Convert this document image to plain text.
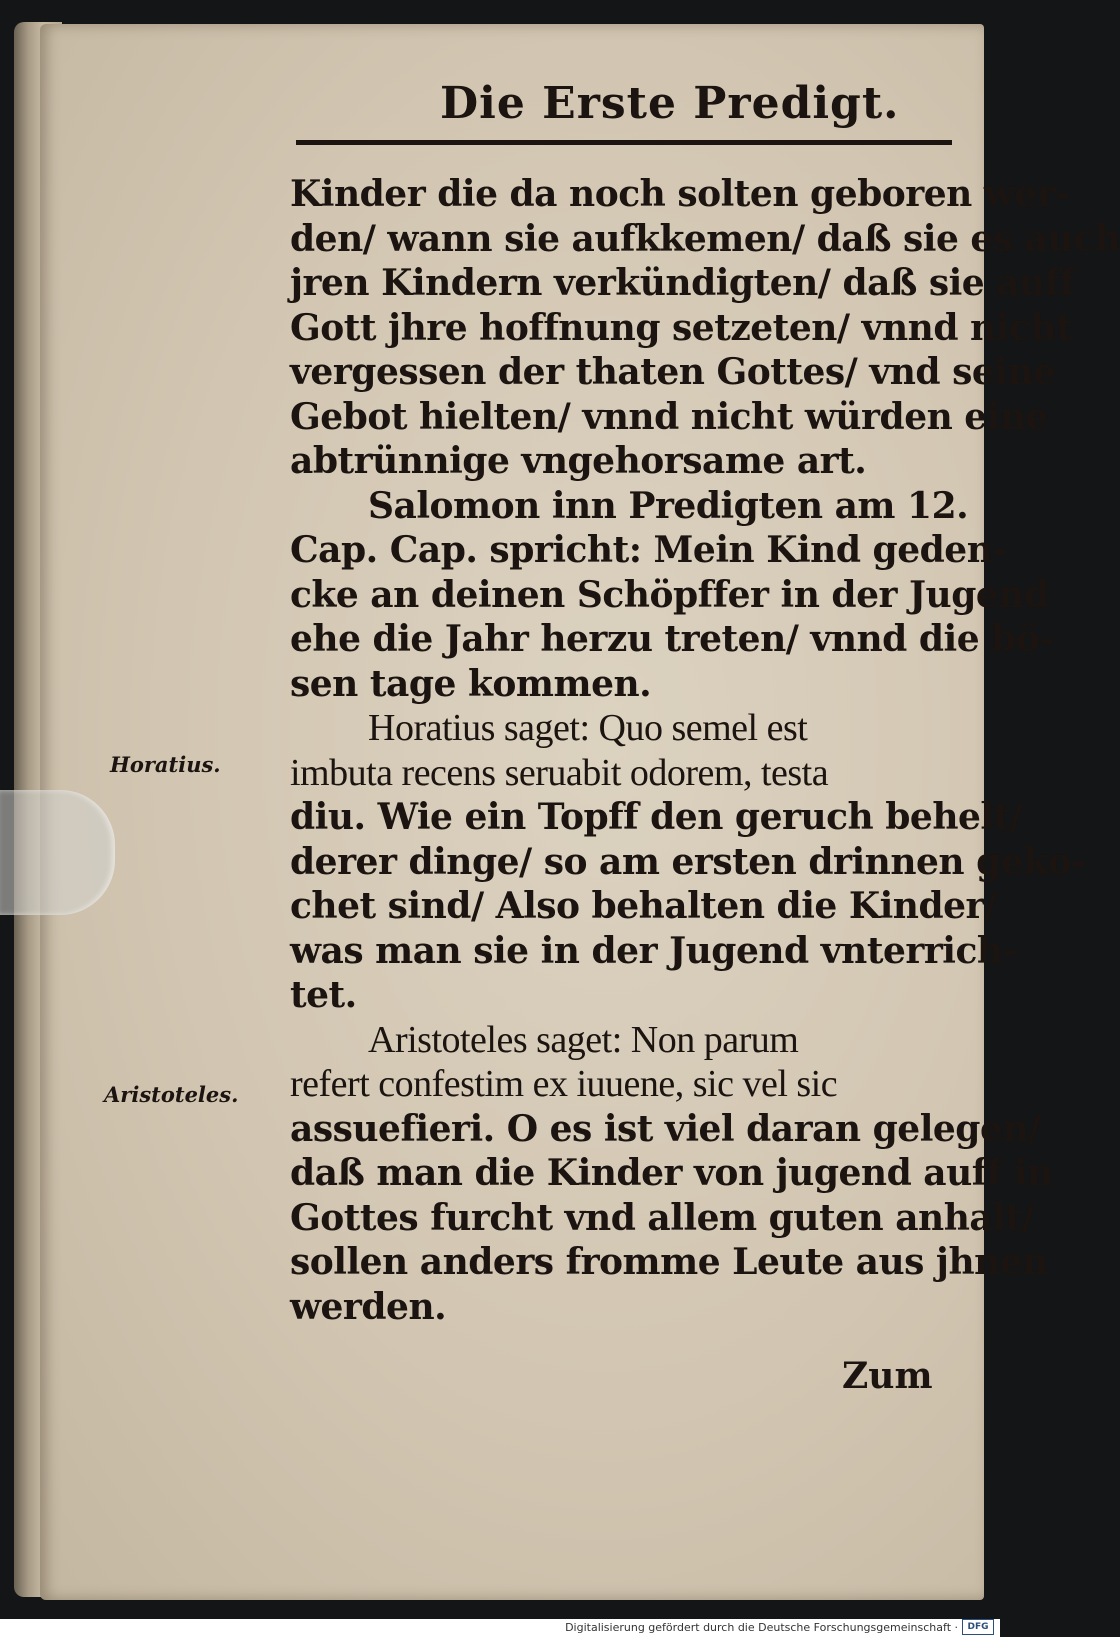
Die Erste Predigt.
Kinder die da noch solten geboren wer-
den/ wann sie aufkkemen/ daß sie es auch
jren Kindern verkündigten/ daß sie auff
Gott jhre hoffnung setzeten/ vnnd nicht
vergessen der thaten Gottes/ vnd seine
Gebot hielten/ vnnd nicht würden eine
abtrünnige vngehorsame art.
Salomon inn Predigten am 12.
Cap. Cap. spricht: Mein Kind geden-
cke an deinen Schöpffer in der Jugend
ehe die Jahr herzu treten/ vnnd die bö-
sen tage kommen.
Horatius saget: Quo semel est
imbuta recens seruabit odorem, testa
diu. Wie ein Topff den geruch behelt/
derer dinge/ so am ersten drinnen geko-
chet sind/ Also behalten die Kinder/
was man sie in der Jugend vnterrich-
tet.
Aristoteles saget: Non parum
refert confestim ex iuuene, sic vel sic
assuefieri. O es ist viel daran gelegen/
daß man die Kinder von jugend auff in
Gottes furcht vnd allem guten anhalt/
sollen anders fromme Leute aus jhnen
werden.
Horatius.
Aristoteles.
Zum
Digitalisierung gefördert durch die Deutsche Forschungsgemeinschaft ·	DFG
